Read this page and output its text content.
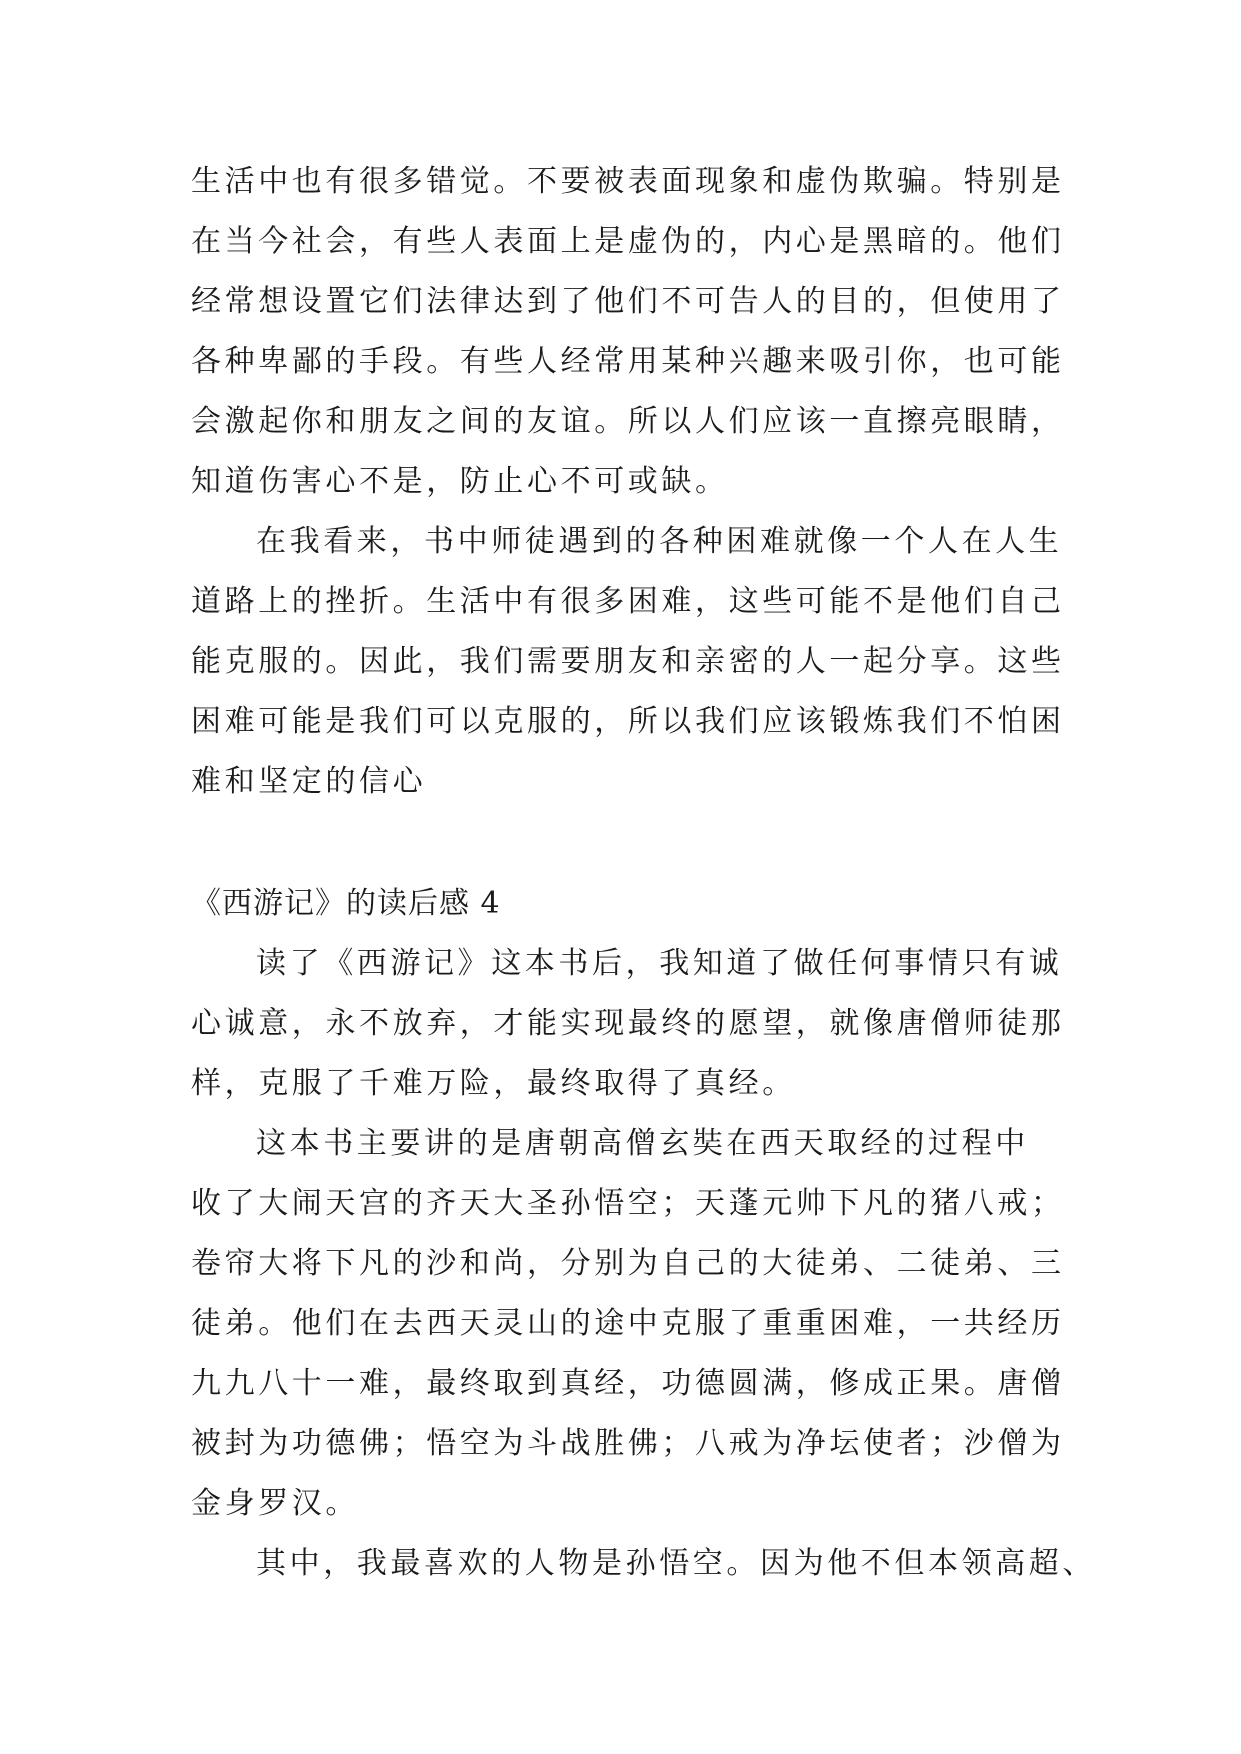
生活中也有很多错觉。不要被表面现象和虚伪欺骗。特别是
在当今社会，有些人表面上是虚伪的，内心是黑暗的。他们
经常想设置它们法律达到了他们不可告人的目的，但使用了
各种卑鄙的手段。有些人经常用某种兴趣来吸引你，也可能
会激起你和朋友之间的友谊。所以人们应该一直擦亮眼睛，
知道伤害心不是，防止心不可或缺。
在我看来，书中师徒遇到的各种困难就像一个人在人生
道路上的挫折。生活中有很多困难，这些可能不是他们自己
能克服的。因此，我们需要朋友和亲密的人一起分享。这些
困难可能是我们可以克服的，所以我们应该锻炼我们不怕困
难和坚定的信心
《西游记》的读后感 4
读了《西游记》这本书后，我知道了做任何事情只有诚
心诚意，永不放弃，才能实现最终的愿望，就像唐僧师徒那
样，克服了千难万险，最终取得了真经。
这本书主要讲的是唐朝高僧玄奘在西天取经的过程中
收了大闹天宫的齐天大圣孙悟空；天蓬元帅下凡的猪八戒；
卷帘大将下凡的沙和尚，分别为自己的大徒弟、二徒弟、三
徒弟。他们在去西天灵山的途中克服了重重困难，一共经历
九九八十一难，最终取到真经，功德圆满，修成正果。唐僧
被封为功德佛；悟空为斗战胜佛；八戒为净坛使者；沙僧为
金身罗汉。
其中，我最喜欢的人物是孙悟空。因为他不但本领高超、
